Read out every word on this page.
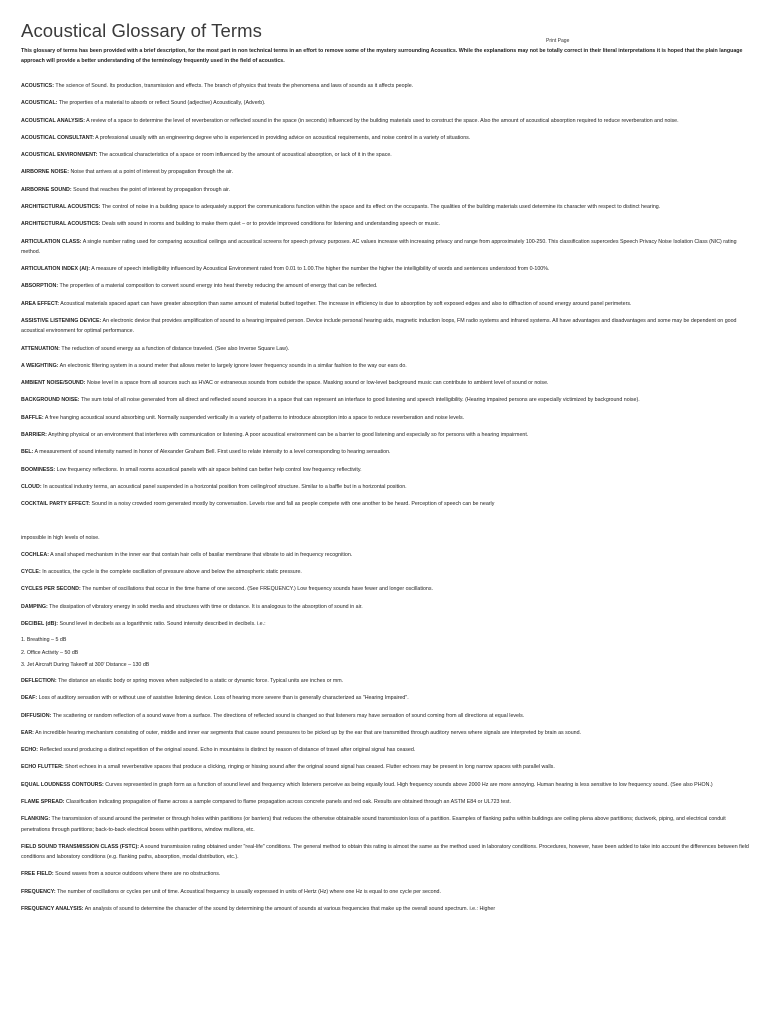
Acoustical Glossary of Terms	Print Page

This glossary of terms has been provided with a brief description, for the most part in non technical terms in an effort to remove some of the mystery surrounding Acoustics. While the explanations may not be totally correct in their literal interpretations it is hoped that the plain language approach will provide a better understanding of the terminology frequently used in the field of acoustics.

ACOUSTICS: The science of Sound. Its production, transmission and effects. The branch of physics that treats the phenomena and laws of sounds as it affects people.

ACOUSTICAL: The properties of a material to absorb or reflect Sound (adjective) Acoustically, (Adverb).

ACOUSTICAL ANALYSIS: A review of a space to determine the level of reverberation or reflected sound in the space (in seconds) influenced by the building materials used to construct the space. Also the amount of acoustical absorption required to reduce reverberation and noise.

ACOUSTICAL CONSULTANT: A professional usually with an engineering degree who is experienced in providing advice on acoustical requirements, and noise control in a variety of situations.

ACOUSTICAL ENVIRONMENT: The acoustical characteristics of a space or room influenced by the amount of acoustical absorption, or lack of it in the space.

AIRBORNE NOISE: Noise that arrives at a point of interest by propagation through the air.

AIRBORNE SOUND: Sound that reaches the point of interest by propagation through air.

ARCHITECTURAL ACOUSTICS: The control of noise in a building space to adequately support the communications function within the space and its effect on the occupants. The qualities of the building materials used determine its character with respect to distinct hearing.

ARCHITECTURAL ACOUSTICS: Deals with sound in rooms and building to make them quiet – or to provide improved conditions for listening and understanding speech or music.

ARTICULATION CLASS: A single number rating used for comparing acoustical ceilings and acoustical screens for speech privacy purposes. AC values increase with increasing privacy and range from approximately 100-250. This classification supercedes Speech Privacy Noise Isolation Class (NIC) rating method.

ARTICULATION INDEX (AI): A measure of speech intelligibility influenced by Acoustical Environment rated from 0.01 to 1.00.The higher the number the higher the intelligibility of words and sentences understood from 0-100%.

ABSORPTION: The properties of a material composition to convert sound energy into heat thereby reducing the amount of energy that can be reflected.

AREA EFFECT: Acoustical materials spaced apart can have greater absorption than same amount of material butted together. The increase in efficiency is due to absorption by soft exposed edges and also to diffraction of sound energy around panel perimeters.

ASSISTIVE LISTENING DEVICE: An electronic device that provides amplification of sound to a hearing impaired person. Device include personal hearing aids, magnetic induction loops, FM radio systems and infrared systems. All have advantages and disadvantages and some may be dependent on good acoustical environment for optimal performance.

ATTENUATION: The reduction of sound energy as a function of distance traveled. (See also Inverse Square Law).

A WEIGHTING: An electronic filtering system in a sound meter that allows meter to largely ignore lower frequency sounds in a similar fashion to the way our ears do.

AMBIENT NOISE/SOUND: Noise level in a space from all sources such as HVAC or extraneous sounds from outside the space. Masking sound or low-level background music can contribute to ambient level of sound or noise.

BACKGROUND NOISE: The sum total of all noise generated from all direct and reflected sound sources in a space that can represent an interface to good listening and speech intelligibility. (Hearing impaired persons are especially victimized by background noise).

BAFFLE: A free hanging acoustical sound absorbing unit. Normally suspended vertically in a variety of patterns to introduce absorption into a space to reduce reverberation and noise levels.

BARRIER: Anything physical or an environment that interferes with communication or listening. A poor acoustical environment can be a barrier to good listening and especially so for persons with a hearing impairment.

BEL: A measurement of sound intensity named in honor of Alexander Graham Bell. First used to relate intensity to a level corresponding to hearing sensation.

BOOMINESS: Low frequency reflections. In small rooms acoustical panels with air space behind can better help control low frequency reflectivity.

CLOUD: In acoustical industry terms, an acoustical panel suspended in a horizontal position from ceiling/roof structure. Similar to a baffle but in a horizontal position.

COCKTAIL PARTY EFFECT: Sound in a noisy crowded room generated mostly by conversation. Levels rise and fall as people compete with one another to be heard. Perception of speech can be nearly

impossible in high levels of noise.

COCHLEA: A snail shaped mechanism in the inner ear that contain hair cells of basilar membrane that vibrate to aid in frequency recognition.

CYCLE: In acoustics, the cycle is the complete oscillation of pressure above and below the atmospheric static pressure.

CYCLES PER SECOND: The number of oscillations that occur in the time frame of one second. (See FREQUENCY.) Low frequency sounds have fewer and longer oscillations.

DAMPING: The dissipation of vibratory energy in solid media and structures with time or distance. It is analogous to the absorption of sound in air.

DECIBEL (dB): Sound level in decibels as a logarithmic ratio. Sound intensity described in decibels. i.e.:

1. Breathing – 5 dB
2. Office Activity – 50 dB
3. Jet Aircraft During Takeoff at 300' Distance – 130 dB

DEFLECTION: The distance an elastic body or spring moves when subjected to a static or dynamic force. Typical units are inches or mm.

DEAF: Loss of auditory sensation with or without use of assistive listening device. Loss of hearing more severe than is generally characterized as "Hearing Impaired".

DIFFUSION: The scattering or random reflection of a sound wave from a surface. The directions of reflected sound is changed so that listeners may have sensation of sound coming from all directions at equal levels.

EAR: An incredible hearing mechanism consisting of outer, middle and inner ear segments that cause sound pressures to be picked up by the ear that are transmitted through auditory nerves where signals are interpreted by brain as sound.

ECHO: Reflected sound producing a distinct repetition of the original sound. Echo in mountains is distinct by reason of distance of travel after original signal has ceased.

ECHO FLUTTER: Short echoes in a small reverberative spaces that produce a clicking, ringing or hissing sound after the original sound signal has ceased. Flutter echoes may be present in long narrow spaces with parallel walls.

EQUAL LOUDNESS CONTOURS: Curves represented in graph form as a function of sound level and frequency which listeners perceive as being equally loud. High frequency sounds above 2000 Hz are more annoying. Human hearing is less sensitive to low frequency sound. (See also PHON.)

FLAME SPREAD: Classification indicating propagation of flame across a sample compared to flame propagation across concrete panels and red oak. Results are obtained through an ASTM E84 or UL723 test.

FLANKING: The transmission of sound around the perimeter or through holes within partitions (or barriers) that reduces the otherwise obtainable sound transmission loss of a partition. Examples of flanking paths within buildings are ceiling plena above partitions; ductwork, piping, and electrical conduit penetrations through partitions; back-to-back electrical boxes within partitions, window mullions, etc.

FIELD SOUND TRANSMISSION CLASS (FSTC): A sound transmission rating obtained under "real-life" conditions. The general method to obtain this rating is almost the same as the method used in laboratory conditions. Procedures, however, have been added to take into account the differences between field conditions and laboratory conditions (e.g. flanking paths, absorption, modal distribution, etc.).

FREE FIELD: Sound waves from a source outdoors where there are no obstructions.

FREQUENCY: The number of oscillations or cycles per unit of time. Acoustical frequency is usually expressed in units of Hertz (Hz) where one Hz is equal to one cycle per second.

FREQUENCY ANALYSIS: An analysis of sound to determine the character of the sound by determining the amount of sounds at various frequencies that make up the overall sound spectrum. i.e.: Higher
